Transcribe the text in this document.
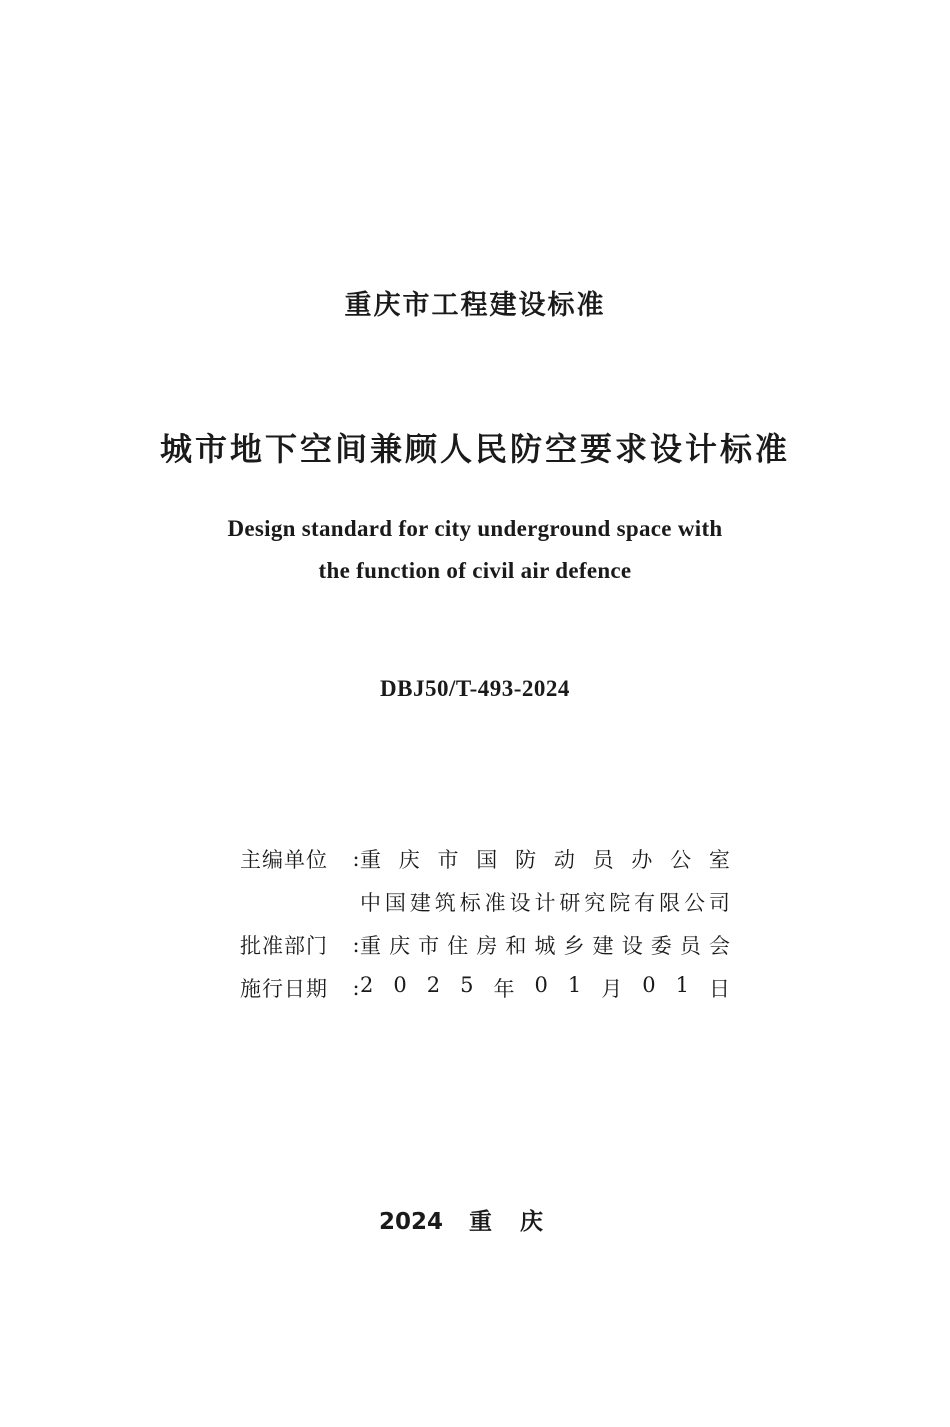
重庆市工程建设标准
城市地下空间兼顾人民防空要求设计标准
Design standard for city underground space with
the function of civil air defence
DBJ50/T-493-2024
主编单位	: 重 庆 市 国 防 动 员 办 公 室
中 国 建 筑 标 准 设 计 研 究 院 有 限 公 司
批准部门	: 重 庆 市 住 房 和 城 乡 建 设 委 员 会
施行日期	: 2 0 2 5 年 0 1 月 0 1 日
2024 重庆
